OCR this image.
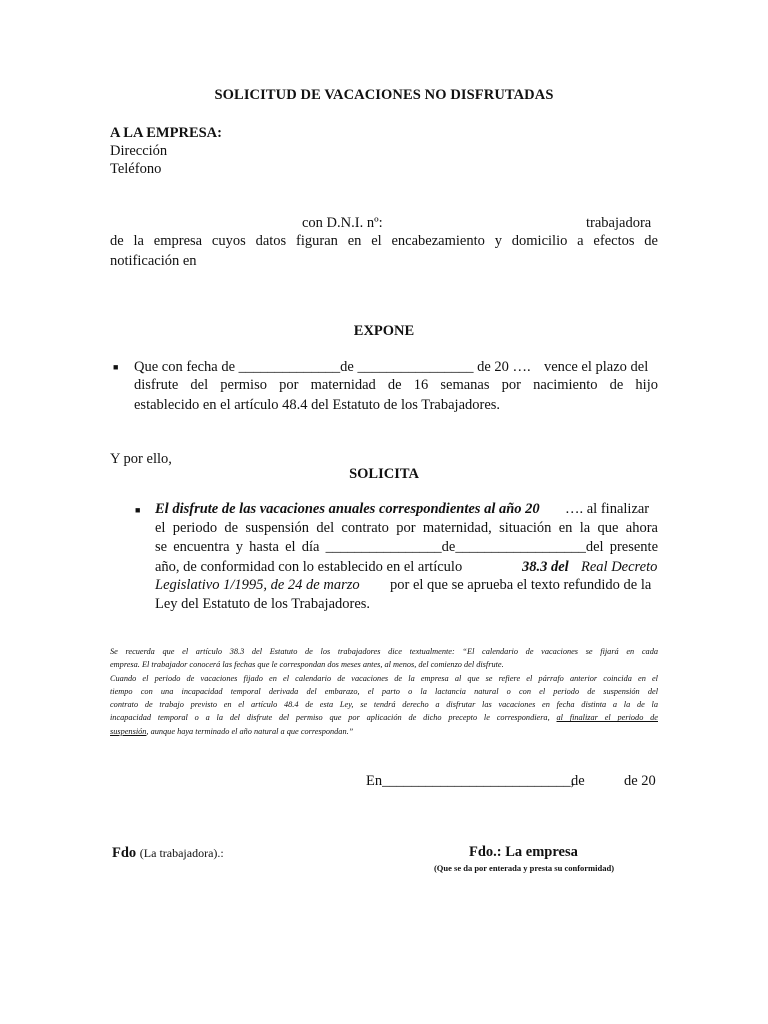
SOLICITUD DE VACACIONES NO DISFRUTADAS
A LA EMPRESA:
Dirección
Teléfono
con D.N.I. nº:	trabajadora
de la empresa cuyos datos figuran en el encabezamiento y domicilio a efectos de
notificación en
EXPONE
■ Que con fecha de ______________de ________________ de 20 …. vence el plazo del
disfrute del permiso por maternidad de 16 semanas por nacimiento de hijo
establecido en el artículo 48.4 del Estatuto de los Trabajadores.
Y por ello,
SOLICITA
■ El disfrute de las vacaciones anuales correspondientes al año 20 …. al finalizar
el periodo de suspensión del contrato por maternidad, situación en la que ahora
se encuentra y hasta el día ________________de__________________del presente
año, de conformidad con lo establecido en el artículo	38.3 del Real Decreto
Legislativo 1/1995, de 24 de marzo por el que se aprueba el texto refundido de la
Ley del Estatuto de los Trabajadores.
Se recuerda que el artículo 38.3 del Estatuto de los trabajadores dice textualmente: “El calendario de vacaciones se fijará en cada
empresa. El trabajador conocerá las fechas que le correspondan dos meses antes, al menos, del comienzo del disfrute.
Cuando el periodo de vacaciones fijado en el calendario de vacaciones de la empresa al que se refiere el párrafo anterior coincida en el
tiempo con una incapacidad temporal derivada del embarazo, el parto o la lactancia natural o con el periodo de suspensión del
contrato de trabajo previsto en el artículo 48.4 de esta Ley, se tendrá derecho a disfrutar las vacaciones en fecha distinta a la de la
incapacidad temporal o a la del disfrute del permiso que por aplicación de dicho precepto le correspondiera, al finalizar el periodo de
suspensión, aunque haya terminado el año natural a que correspondan.”
En__________________________,
de	de 20
Fdo (La trabajadora).:	Fdo.: La empresa
(Que se da por enterada y presta su conformidad)
